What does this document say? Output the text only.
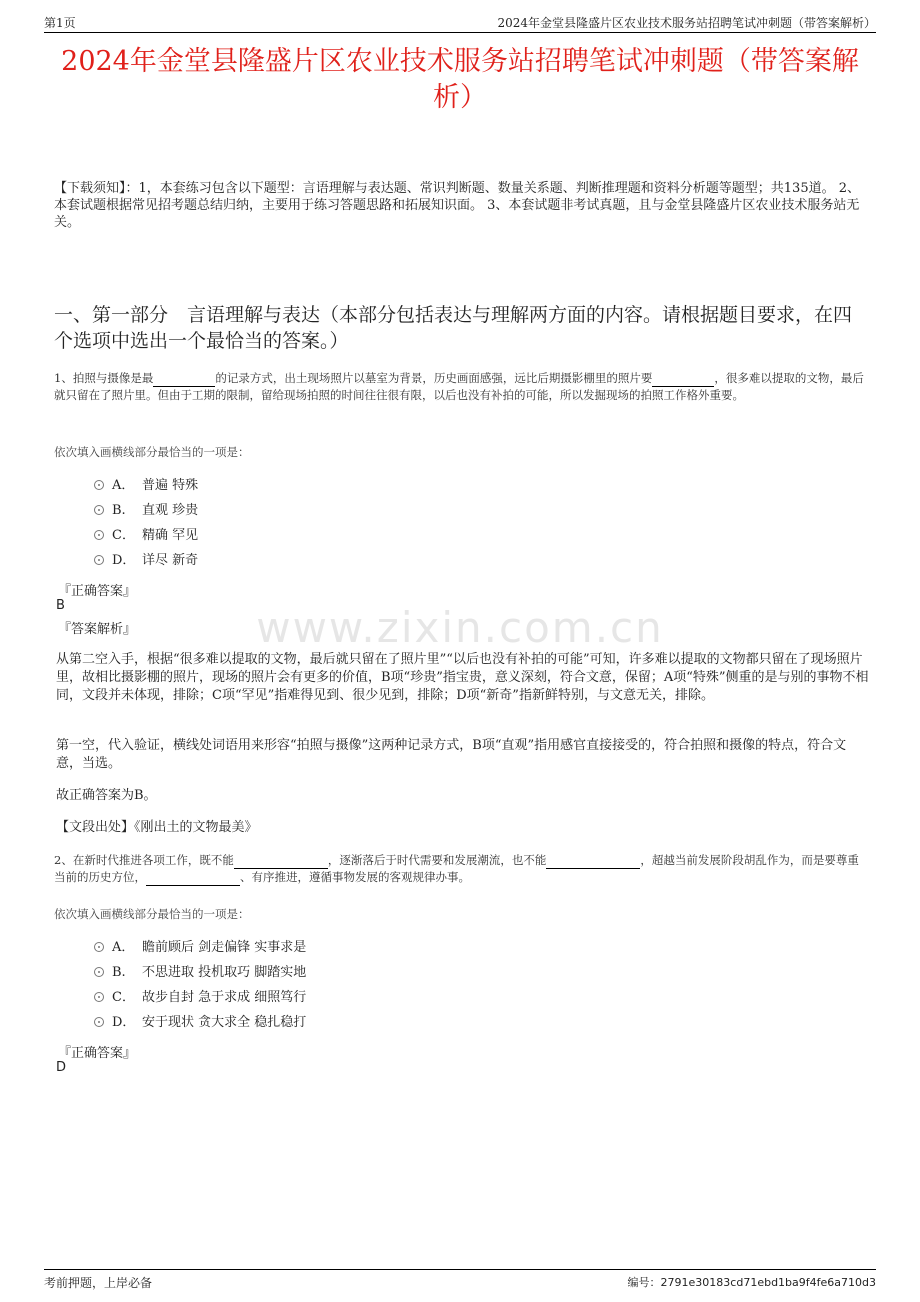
第1页	2024年金堂县隆盛片区农业技术服务站招聘笔试冲刺题（带答案解析）
2024年金堂县隆盛片区农业技术服务站招聘笔试冲刺题（带答案解析）
【下载须知】：1，本套练习包含以下题型：言语理解与表达题、常识判断题、数量关系题、判断推理题和资料分析题等题型；共135道。 2、本套试题根据常见招考题总结归纳，主要用于练习答题思路和拓展知识面。 3、本套试题非考试真题，且与金堂县隆盛片区农业技术服务站无关。
一、第一部分　言语理解与表达（本部分包括表达与理解两方面的内容。请根据题目要求，在四个选项中选出一个最恰当的答案。）
www.zixin.com.cn
1、拍照与摄像是最	的记录方式，出土现场照片以墓室为背景，历史画面感强，远比后期摄影棚里的照片要	，很多难以提取的文物，最后就只留在了照片里。但由于工期的限制，留给现场拍照的时间往往很有限，以后也没有补拍的可能，所以发掘现场的拍照工作格外重要。
依次填入画横线部分最恰当的一项是：
A． 普遍 特殊
B. 直观 珍贵
C． 精确 罕见
D． 详尽 新奇
『正确答案』
B
『答案解析』
从第二空入手，根据“很多难以提取的文物，最后就只留在了照片里”“以后也没有补拍的可能”可知，许多难以提取的文物都只留在了现场照片里，故相比摄影棚的照片，现场的照片会有更多的价值，B项“珍贵”指宝贵，意义深刻，符合文意，保留；A项“特殊”侧重的是与别的事物不相同，文段并未体现，排除；C项“罕见”指难得见到、很少见到，排除；D项“新奇”指新鲜特别，与文意无关，排除。
第一空，代入验证，横线处词语用来形容“拍照与摄像”这两种记录方式，B项“直观”指用感官直接接受的，符合拍照和摄像的特点，符合文意，当选。
故正确答案为B。
【文段出处】《刚出土的文物最美》
2、在新时代推进各项工作，既不能	，逐渐落后于时代需要和发展潮流，也不能	，超越当前发展阶段胡乱作为，而是要尊重当前的历史方位，	、有序推进，遵循事物发展的客观规律办事。
依次填入画横线部分最恰当的一项是：
A． 瞻前顾后 剑走偏锋 实事求是
B. 不思进取 投机取巧 脚踏实地
C． 故步自封 急于求成 细照笃行
D． 安于现状 贪大求全 稳扎稳打
『正确答案』
D
考前押题，上岸必备	编号：2791e30183cd71ebd1ba9f4fe6a710d3
